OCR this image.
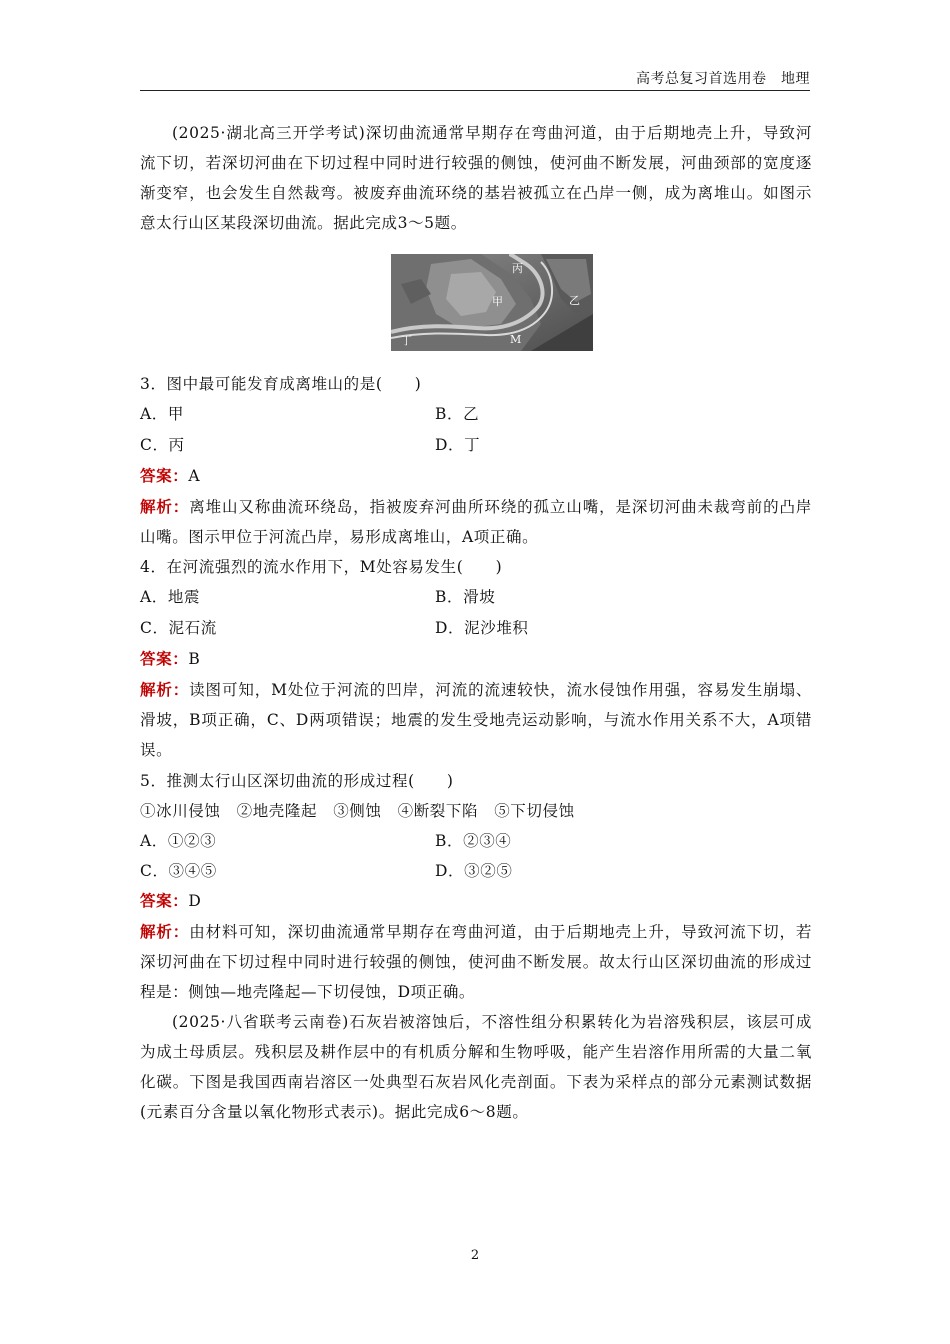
高考总复习首选用卷　地理
(2025·湖北高三开学考试)深切曲流通常早期存在弯曲河道，由于后期地壳上升，导致河流下切，若深切河曲在下切过程中同时进行较强的侧蚀，使河曲不断发展，河曲颈部的宽度逐渐变窄，也会发生自然裁弯。被废弃曲流环绕的基岩被孤立在凸岸一侧，成为离堆山。如图示意太行山区某段深切曲流。据此完成3～5题。
丙
甲	乙
丁	M
3．图中最可能发育成离堆山的是(　　)
A．甲	B．乙
C．丙	D．丁
答案：A
解析：离堆山又称曲流环绕岛，指被废弃河曲所环绕的孤立山嘴，是深切河曲未裁弯前的凸岸山嘴。图示甲位于河流凸岸，易形成离堆山，A项正确。
4．在河流强烈的流水作用下，M处容易发生(　　)
A．地震	B．滑坡
C．泥石流	D．泥沙堆积
答案：B
解析：读图可知，M处位于河流的凹岸，河流的流速较快，流水侵蚀作用强，容易发生崩塌、滑坡，B项正确，C、D两项错误；地震的发生受地壳运动影响，与流水作用关系不大，A项错误。
5．推测太行山区深切曲流的形成过程(　　)
①冰川侵蚀　②地壳隆起　③侧蚀　④断裂下陷　⑤下切侵蚀
A．①②③	B．②③④
C．③④⑤	D．③②⑤
答案：D
解析：由材料可知，深切曲流通常早期存在弯曲河道，由于后期地壳上升，导致河流下切，若深切河曲在下切过程中同时进行较强的侧蚀，使河曲不断发展。故太行山区深切曲流的形成过程是：侧蚀—地壳隆起—下切侵蚀，D项正确。
(2025·八省联考云南卷)石灰岩被溶蚀后，不溶性组分积累转化为岩溶残积层，该层可成为成土母质层。残积层及耕作层中的有机质分解和生物呼吸，能产生岩溶作用所需的大量二氧化碳。下图是我国西南岩溶区一处典型石灰岩风化壳剖面。下表为采样点的部分元素测试数据(元素百分含量以氧化物形式表示)。据此完成6～8题。
2
